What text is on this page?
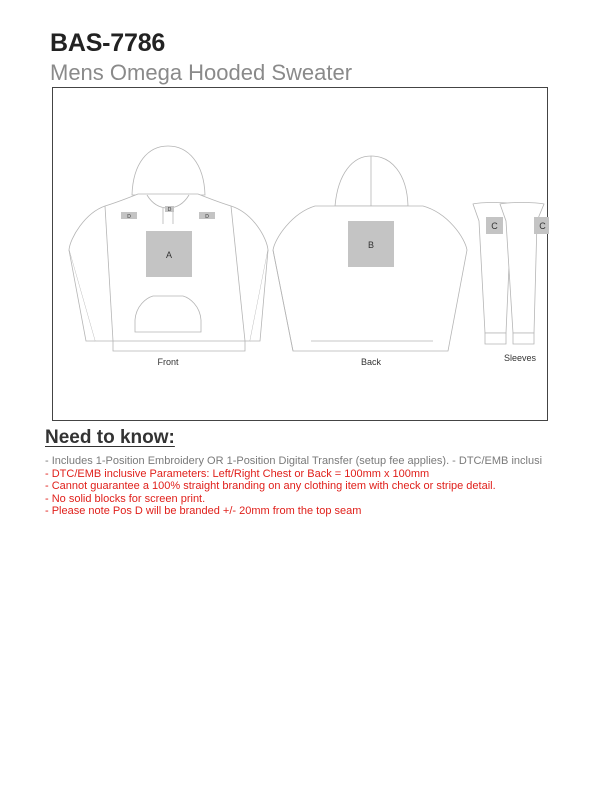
BAS-7786
Mens Omega Hooded Sweater
A
B
C	C
D	D
D
Front	Back	Sleeves
Need to know:

- Includes 1-Position Embroidery OR 1-Position Digital Transfer (setup fee applies). - DTC/EMB inclusi

- DTC/EMB inclusive Parameters: Left/Right Chest or Back = 100mm x 100mm

- Cannot guarantee a 100% straight branding on any clothing item with check or stripe detail.

- No solid blocks for screen print.

- Please note Pos D will be branded +/- 20mm from the top seam
